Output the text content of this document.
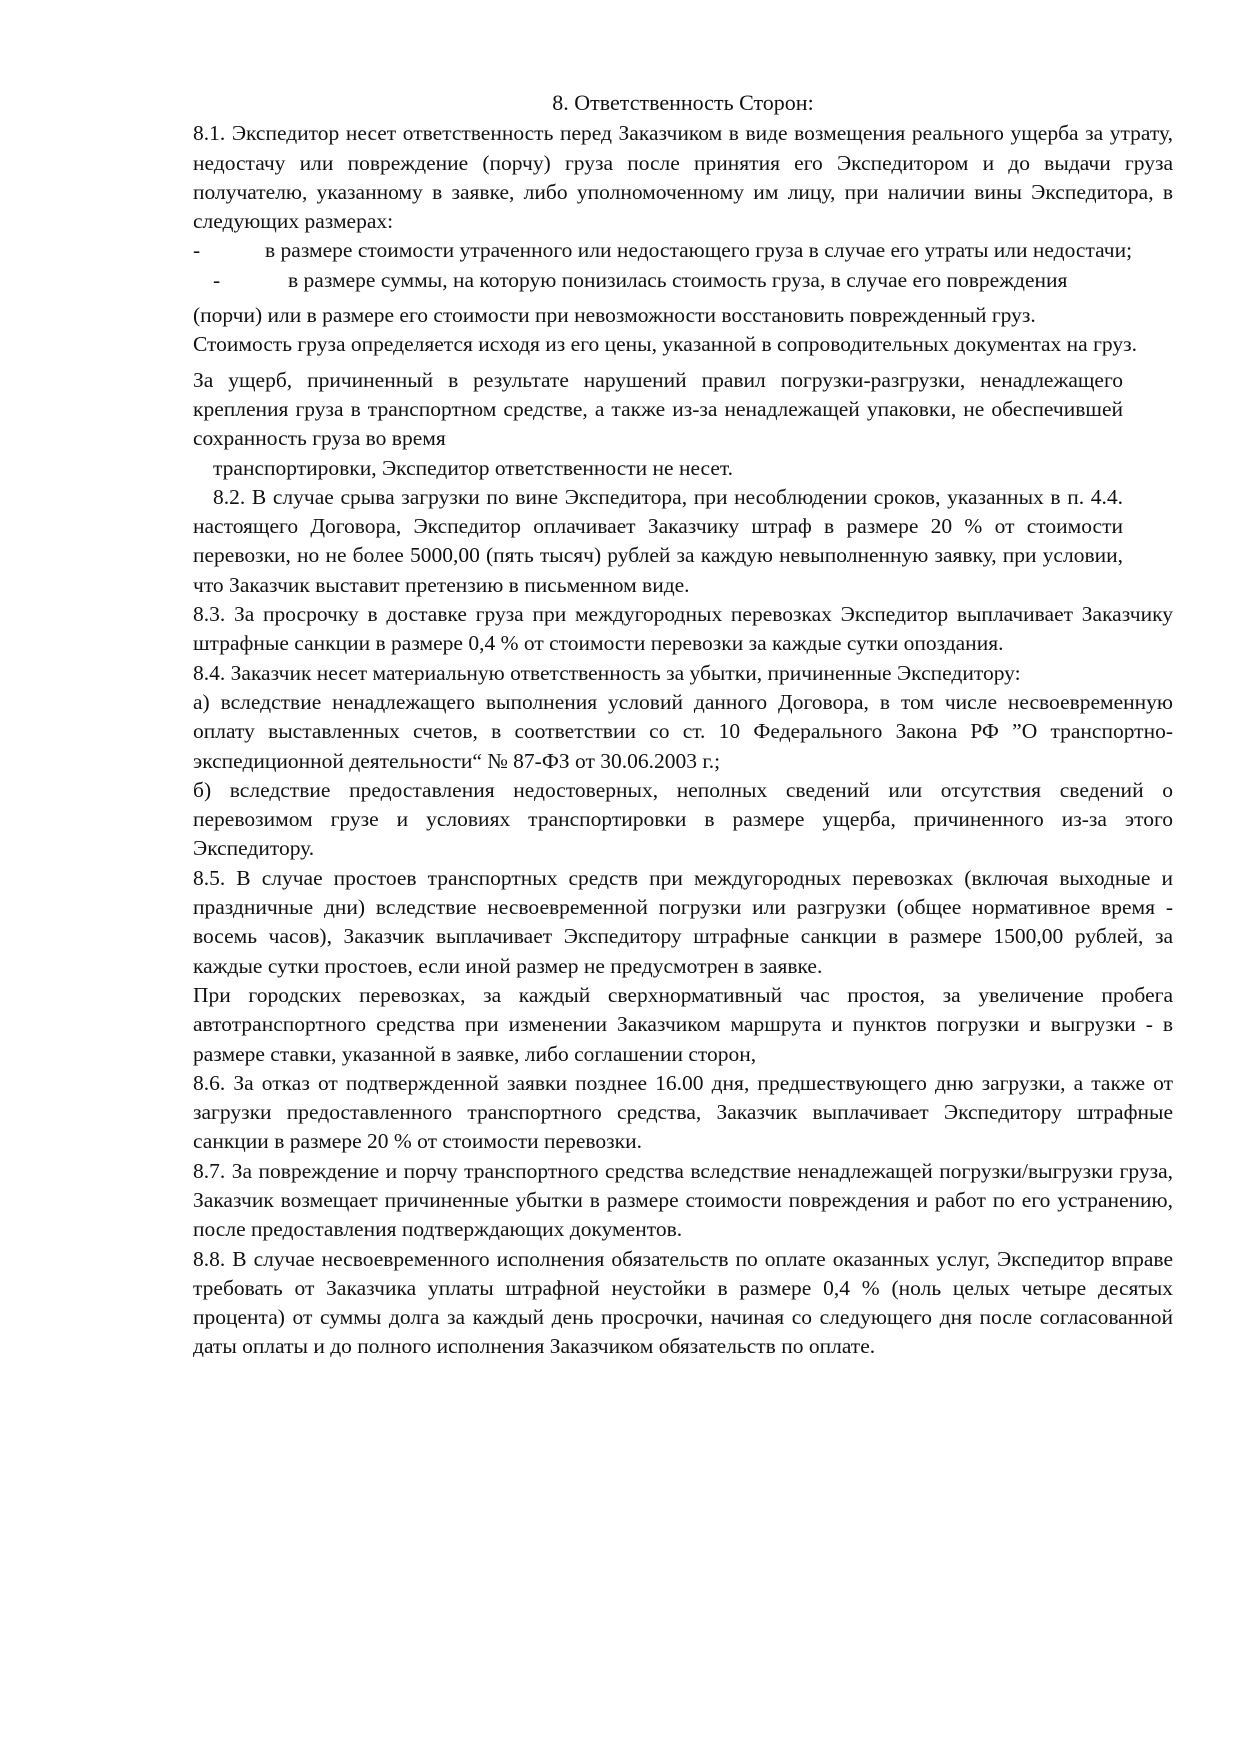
8. Ответственность Сторон:

8.1. Экспедитор несет ответственность перед Заказчиком в виде возмещения реального ущерба за утрату, недостачу или повреждение (порчу) груза после принятия его Экспедитором и до выдачи груза получателю, указанному в заявке, либо уполномоченному им лицу, при наличии вины Экспедитора, в следующих размерах:

-	в размере стоимости утраченного или недостающего груза в случае его утраты или недостачи;

-	в размере суммы, на которую понизилась стоимость груза, в случае его повреждения

(порчи) или в размере его стоимости при невозможности восстановить поврежденный груз.

Стоимость груза определяется исходя из его цены, указанной в сопроводительных документах на груз.

За ущерб, причиненный в результате нарушений правил погрузки-разгрузки, ненадлежащего крепления груза в транспортном средстве, а также из-за ненадлежащей упаковки, не обеспечившей сохранность груза во время

транспортировки, Экспедитор ответственности не несет.

8.2. В случае срыва загрузки по вине Экспедитора, при несоблюдении сроков, указанных в п. 4.4. настоящего Договора, Экспедитор оплачивает Заказчику штраф в размере 20 % от стоимости перевозки, но не более 5000,00 (пять тысяч) рублей за каждую невыполненную заявку, при условии, что Заказчик выставит претензию в письменном виде.

8.3. За просрочку в доставке груза при междугородных перевозках Экспедитор выплачивает Заказчику штрафные санкции в размере 0,4 % от стоимости перевозки за каждые сутки опоздания.

8.4. Заказчик несет материальную ответственность за убытки, причиненные Экспедитору:

а) вследствие ненадлежащего выполнения условий данного Договора, в том числе несвоевременную оплату выставленных счетов, в соответствии со ст. 10 Федерального Закона РФ ”О транспортно-экспедиционной деятельности“ № 87-ФЗ от 30.06.2003 г.;

б) вследствие предоставления недостоверных, неполных сведений или отсутствия сведений о перевозимом грузе и условиях транспортировки в размере ущерба, причиненного из-за этого Экспедитору.

8.5. В случае простоев транспортных средств при междугородных перевозках (включая выходные и праздничные дни) вследствие несвоевременной погрузки или разгрузки (общее нормативное время - восемь часов), Заказчик выплачивает Экспедитору штрафные санкции в размере 1500,00 рублей, за каждые сутки простоев, если иной размер не предусмотрен в заявке.

При городских перевозках, за каждый сверхнормативный час простоя, за увеличение пробега автотранспортного средства при изменении Заказчиком маршрута и пунктов погрузки и выгрузки - в размере ставки, указанной в заявке, либо соглашении сторон,

8.6. За отказ от подтвержденной заявки позднее 16.00 дня, предшествующего дню загрузки, а также от загрузки предоставленного транспортного средства, Заказчик выплачивает Экспедитору штрафные санкции в размере 20 % от стоимости перевозки.

8.7. За повреждение и порчу транспортного средства вследствие ненадлежащей погрузки/выгрузки груза, Заказчик возмещает причиненные убытки в размере стоимости повреждения и работ по его устранению, после предоставления подтверждающих документов.

8.8. В случае несвоевременного исполнения обязательств по оплате оказанных услуг, Экспедитор вправе требовать от Заказчика уплаты штрафной неустойки в размере 0,4 % (ноль целых четыре десятых процента) от суммы долга за каждый день просрочки, начиная со следующего дня после согласованной даты оплаты и до полного исполнения Заказчиком обязательств по оплате.
